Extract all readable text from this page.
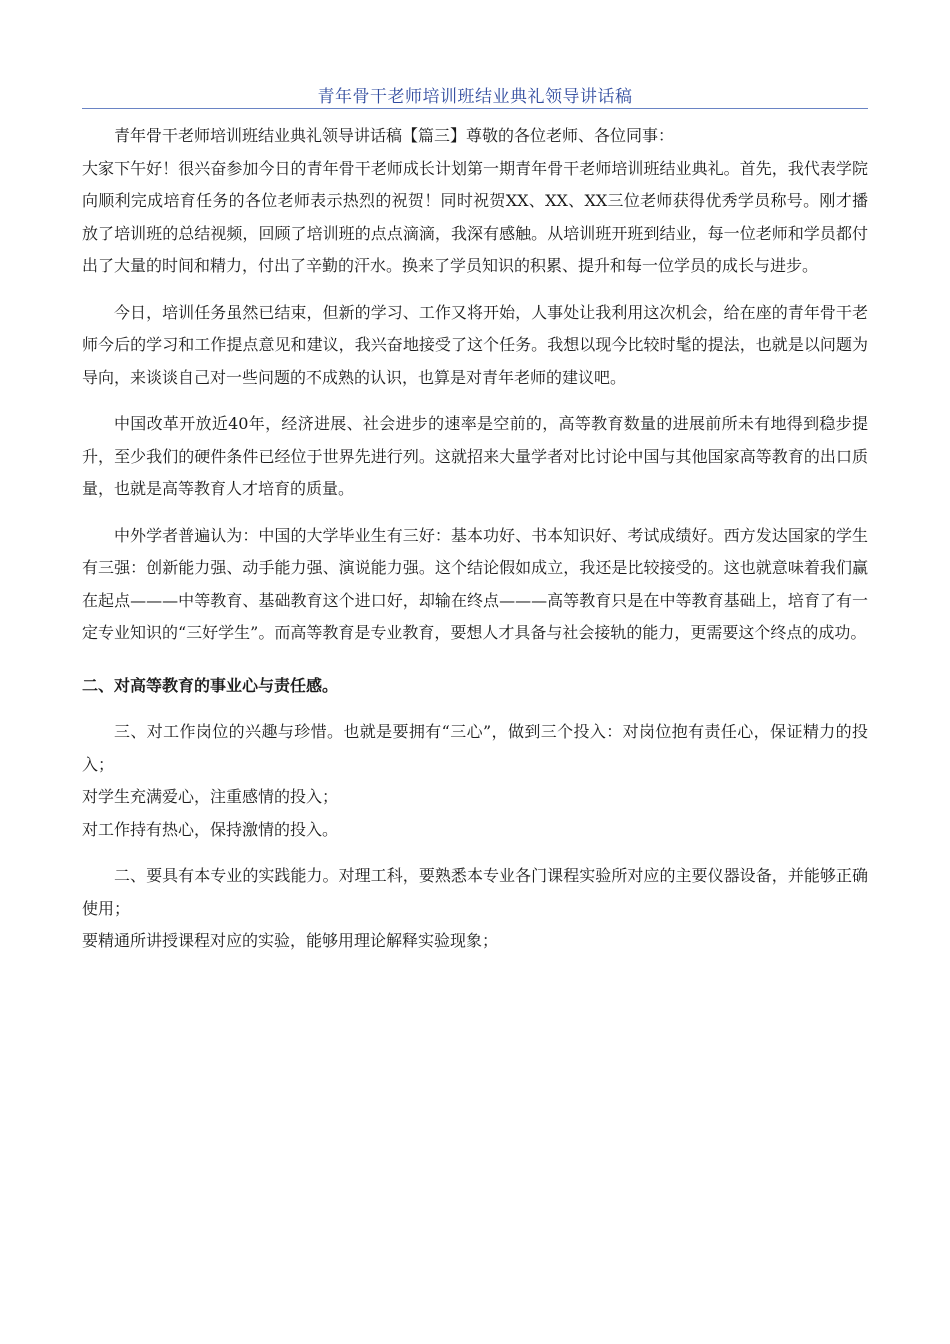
青年骨干老师培训班结业典礼领导讲话稿

青年骨干老师培训班结业典礼领导讲话稿【篇三】尊敬的各位老师、各位同事：

大家下午好！很兴奋参加今日的青年骨干老师成长计划第一期青年骨干老师培训班结业典礼。首先，我代表学院向顺利完成培育任务的各位老师表示热烈的祝贺！同时祝贺XX、XX、XX三位老师获得优秀学员称号。刚才播放了培训班的总结视频，回顾了培训班的点点滴滴，我深有感触。从培训班开班到结业，每一位老师和学员都付出了大量的时间和精力，付出了辛勤的汗水。换来了学员知识的积累、提升和每一位学员的成长与进步。

今日，培训任务虽然已结束，但新的学习、工作又将开始，人事处让我利用这次机会，给在座的青年骨干老师今后的学习和工作提点意见和建议，我兴奋地接受了这个任务。我想以现今比较时髦的提法，也就是以问题为导向，来谈谈自己对一些问题的不成熟的认识，也算是对青年老师的建议吧。

中国改革开放近40年，经济进展、社会进步的速率是空前的，高等教育数量的进展前所未有地得到稳步提升，至少我们的硬件条件已经位于世界先进行列。这就招来大量学者对比讨论中国与其他国家高等教育的出口质量，也就是高等教育人才培育的质量。

中外学者普遍认为：中国的大学毕业生有三好：基本功好、书本知识好、考试成绩好。西方发达国家的学生有三强：创新能力强、动手能力强、演说能力强。这个结论假如成立，我还是比较接受的。这也就意味着我们赢在起点———中等教育、基础教育这个进口好，却输在终点———高等教育只是在中等教育基础上，培育了有一定专业知识的“三好学生”。而高等教育是专业教育，要想人才具备与社会接轨的能力，更需要这个终点的成功。

二、对高等教育的事业心与责任感。

三、对工作岗位的兴趣与珍惜。也就是要拥有“三心”，做到三个投入：对岗位抱有责任心，保证精力的投入；

对学生充满爱心，注重感情的投入；

对工作持有热心，保持激情的投入。

二、要具有本专业的实践能力。对理工科，要熟悉本专业各门课程实验所对应的主要仪器设备，并能够正确使用；

要精通所讲授课程对应的实验，能够用理论解释实验现象；
